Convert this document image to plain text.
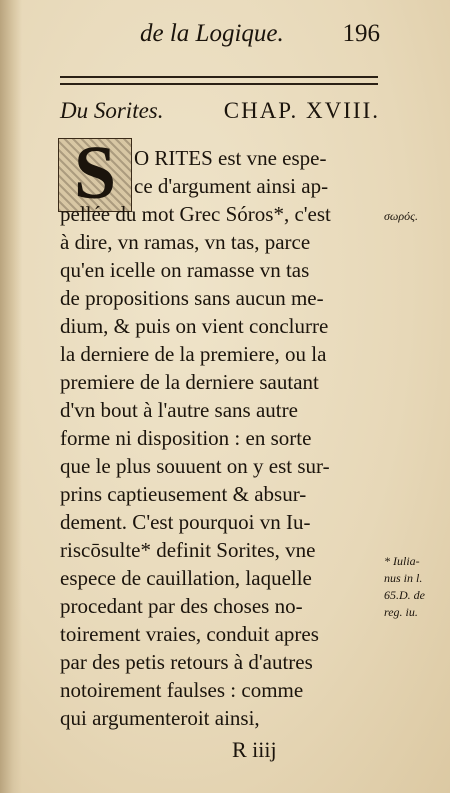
de la Logique. 196
Du Sorites.	CHAP. XVIII.
S O RITES est vne espe-
ce d'argument ainsi ap-
pellée du mot Grec Sóros*, c'est
à dire, vn ramas, vn tas, parce
qu'en icelle on ramasse vn tas
de propositions sans aucun me-
dium, & puis on vient conclurre
la derniere de la premiere, ou la
premiere de la derniere sautant
d'vn bout à l'autre sans autre
forme ni disposition : en sorte
que le plus souuent on y est sur-
prins captieusement & absur-
dement. C'est pourquoi vn Iu-
riscōsulte* definit Sorites, vne
espece de cauillation, laquelle
procedant par des choses no-
toirement vraies, conduit apres
par des petis retours à d'autres
notoirement faulses : comme
qui argumenteroit ainsi,
σωρός.
* Iulia-
nus in l.
65.D. de
reg. iu.
R iiij
